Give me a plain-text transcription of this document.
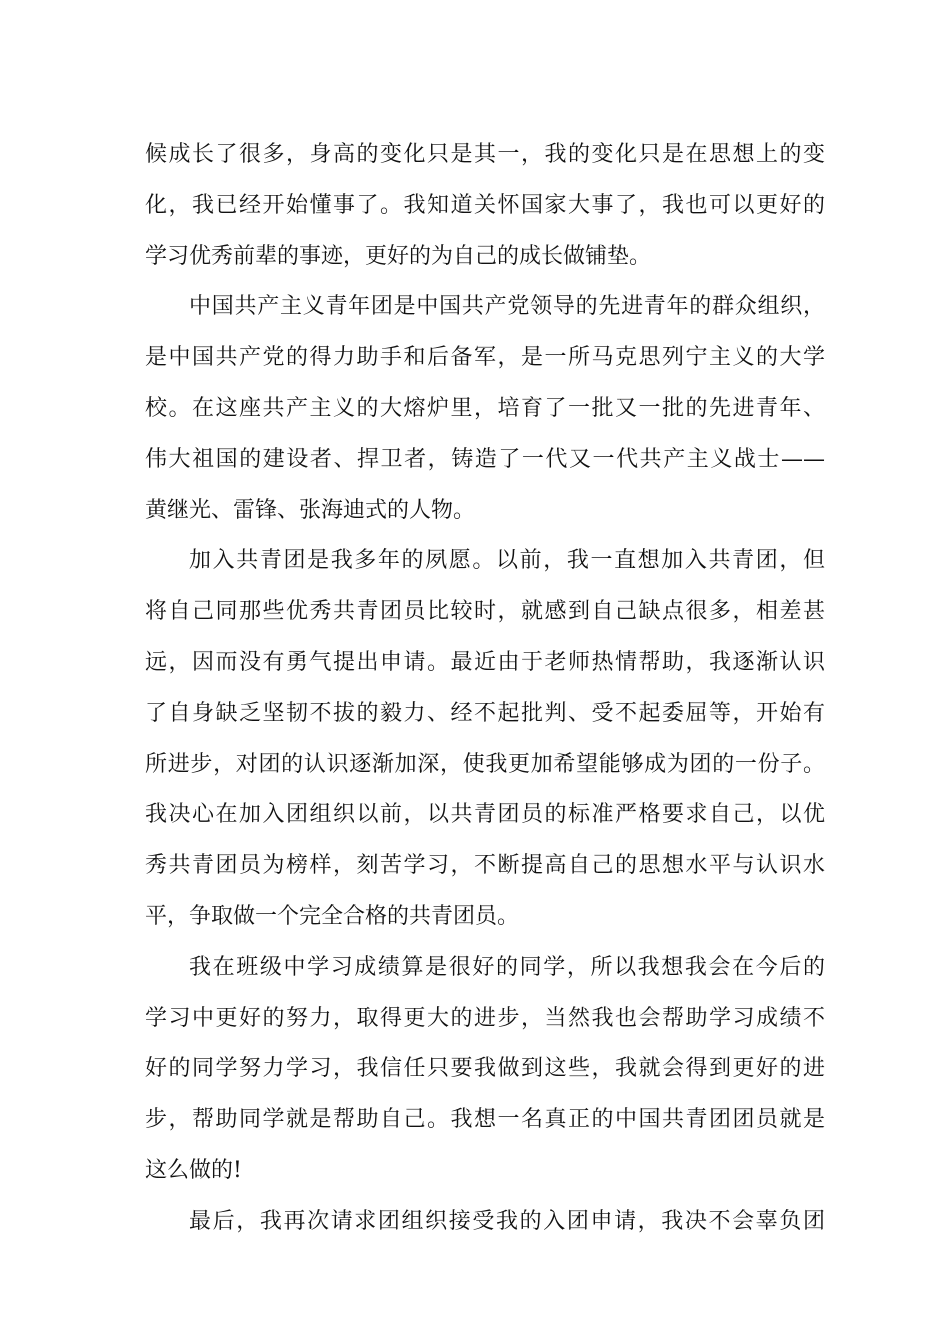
候成长了很多，身高的变化只是其一，我的变化只是在思想上的变
化，我已经开始懂事了。我知道关怀国家大事了，我也可以更好的
学习优秀前辈的事迹，更好的为自己的成长做铺垫。
中国共产主义青年团是中国共产党领导的先进青年的群众组织，
是中国共产党的得力助手和后备军，是一所马克思列宁主义的大学
校。在这座共产主义的大熔炉里，培育了一批又一批的先进青年、
伟大祖国的建设者、捍卫者，铸造了一代又一代共产主义战士——
黄继光、雷锋、张海迪式的人物。
加入共青团是我多年的夙愿。以前，我一直想加入共青团，但
将自己同那些优秀共青团员比较时，就感到自己缺点很多，相差甚
远，因而没有勇气提出申请。最近由于老师热情帮助，我逐渐认识
了自身缺乏坚韧不拔的毅力、经不起批判、受不起委屈等，开始有
所进步，对团的认识逐渐加深，使我更加希望能够成为团的一份子。
我决心在加入团组织以前，以共青团员的标准严格要求自己，以优
秀共青团员为榜样，刻苦学习，不断提高自己的思想水平与认识水
平，争取做一个完全合格的共青团员。
我在班级中学习成绩算是很好的同学，所以我想我会在今后的
学习中更好的努力，取得更大的进步，当然我也会帮助学习成绩不
好的同学努力学习，我信任只要我做到这些，我就会得到更好的进
步，帮助同学就是帮助自己。我想一名真正的中国共青团团员就是
这么做的!
最后，我再次请求团组织接受我的入团申请，我决不会辜负团
